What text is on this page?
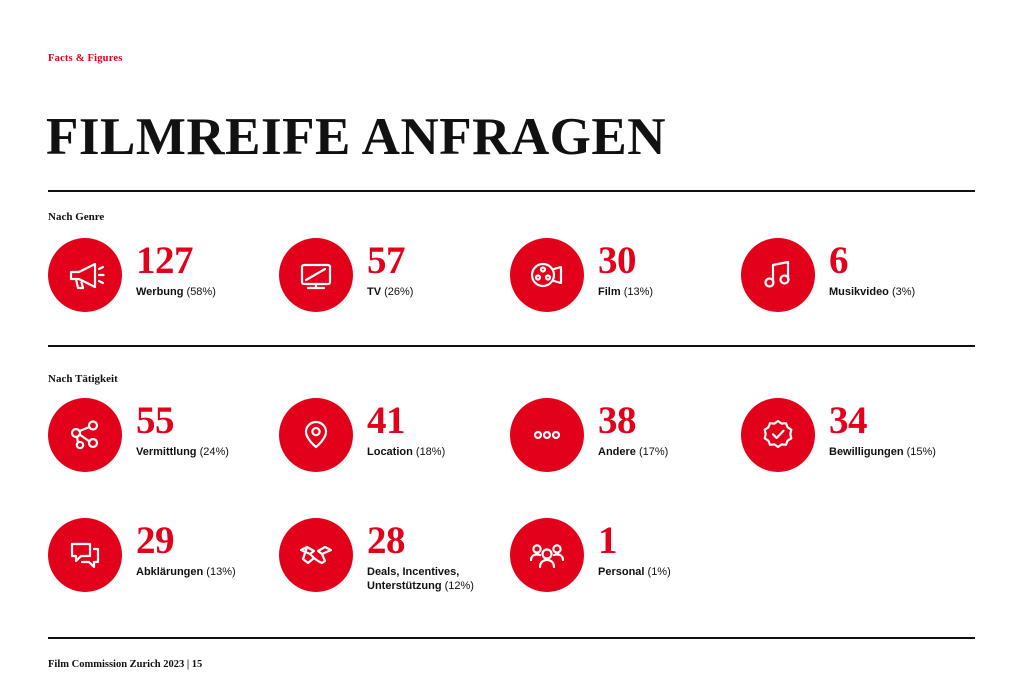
Facts & Figures
FILMREIFE ANFRAGEN
Nach Genre
127
Werbung (58%)
57
TV (26%)
30
Film (13%)
6
Musikvideo (3%)
Nach Tätigkeit
55
Vermittlung (24%)
41
Location (18%)
38
Andere (17%)
34
Bewilligungen (15%)
29
Abklärungen (13%)
28
Deals, Incentives, Unterstützung (12%)
1
Personal (1%)
Film Commission Zurich 2023 | 15
